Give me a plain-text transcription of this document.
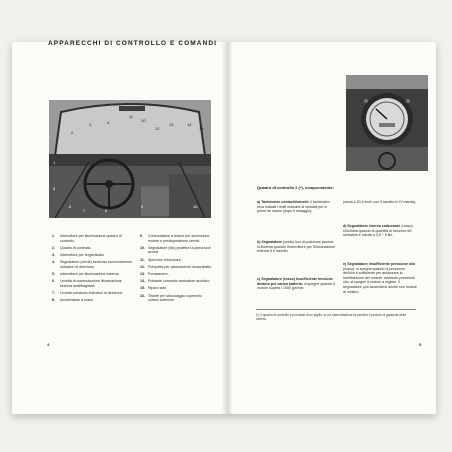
APPARECCHI DI CONTROLLO E COMANDI
1
2
3	4
5
6
7	8
9
10
11
12
13	14
15
16
1. Interruttore per illuminazione quadro di controllo.
2. Quadro di controllo.
3. Interruttore per tergicristallo.
4. Segnalatore (verde) luminoso funzionamento indicatori di direzione.
5. Interruttore per illuminazione esterna.
6. Levetta di commutazione illuminazione esterna anabbaglianti.
7. Levetta comando indicatori di direzione.
8. Acceleratore a mano.
9. Commutatore a chiave per accensione motore e predisposizione servizi.
10. Segnalatore (blu) proiettori a piena luce accesi.
11. Specchio retrovisore.
12. Pompetta per azionamento lavacristallo.
13. Portacenere.
14. Pulsante comando avvisatore acustico.
15. Riparo sole.
16. Tirante per sbloccaggio coperchio cofano anteriore.
4
Quadro di controllo 2 (*), comprendente:
a) Tachimetro contachilometri: il tachimetro reca indicati i limiti massimi di velocità per le prime tre marce (dopo il rodaggio);
b) Segnalatore (verde) luci di posizione accese: si illumina quando l'interruttore per l'illuminazione esterna 5 è inserito.
c) Segnalatore (rosso) insufficiente tensione dinamo per carica batteria: si spegne quando il motore supera i 1000 giri/min
(ossia a 20,5 km/h con il cambio in IV marcia).
d) Segnalatore riserva carburante (rosso): s'illumina quando la quantità di benzina nel serbatoio è ridotta a 3,5 ÷ 5 litri.
e) Segnalatore insufficiente pressione olio (rosso): si spegne quando la pressione dell'olio è sufficiente per assicurare la lubrificazione del motore, avviando pressione olio; si spegne a motore a regime. Il segnalatore può accendersi anche con motore al minimo.
(*) Il quadro di controllo è provvisto di un sigillo, la cui manomissione fa perdere il periodo di garanzia della vettura.
5
